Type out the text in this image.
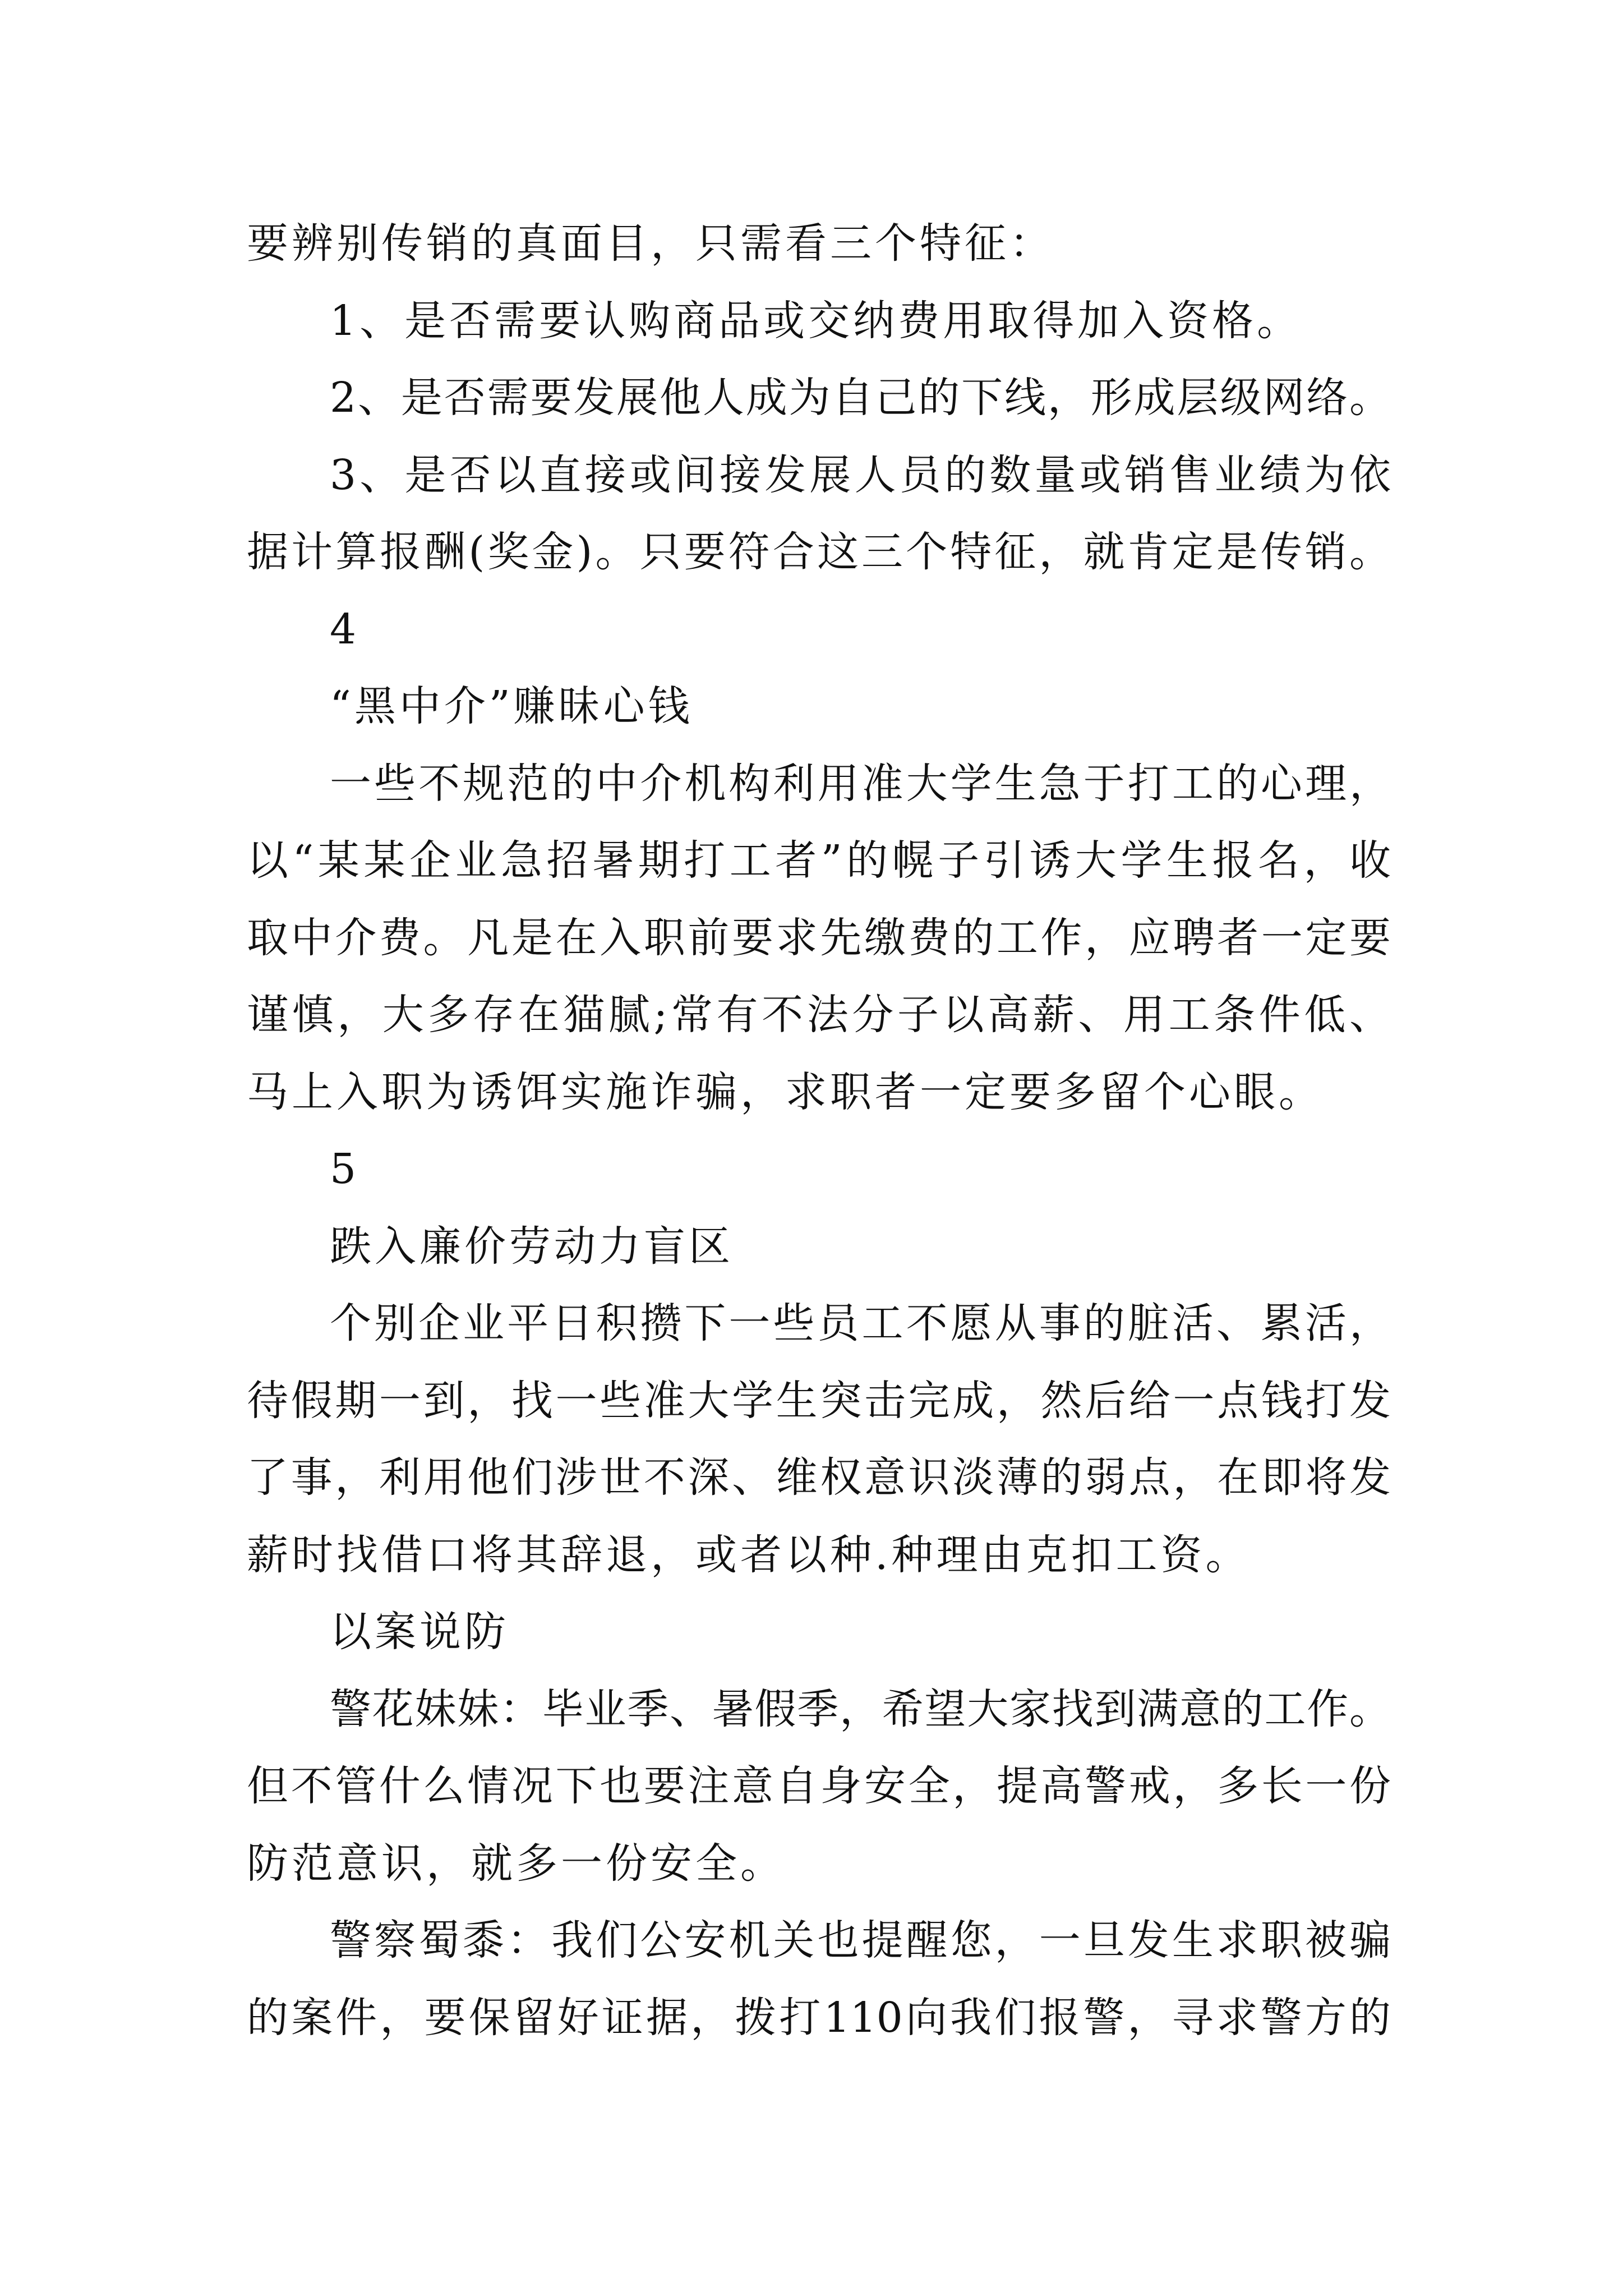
要辨别传销的真面目，只需看三个特征：
1、是否需要认购商品或交纳费用取得加入资格。
2、是否需要发展他人成为自己的下线，形成层级网络。
3、是否以直接或间接发展人员的数量或销售业绩为依
据计算报酬(奖金)。只要符合这三个特征，就肯定是传销。
4
“黑中介”赚昧心钱
一些不规范的中介机构利用准大学生急于打工的心理，
以“某某企业急招暑期打工者”的幌子引诱大学生报名，收
取中介费。凡是在入职前要求先缴费的工作，应聘者一定要
谨慎，大多存在猫腻;常有不法分子以高薪、用工条件低、
马上入职为诱饵实施诈骗，求职者一定要多留个心眼。
5
跌入廉价劳动力盲区
个别企业平日积攒下一些员工不愿从事的脏活、累活，
待假期一到，找一些准大学生突击完成，然后给一点钱打发
了事，利用他们涉世不深、维权意识淡薄的弱点，在即将发
薪时找借口将其辞退，或者以种.种理由克扣工资。
以案说防
警花妹妹：毕业季、暑假季，希望大家找到满意的工作。
但不管什么情况下也要注意自身安全，提高警戒，多长一份
防范意识，就多一份安全。
警察蜀黍：我们公安机关也提醒您，一旦发生求职被骗
的案件，要保留好证据，拨打110向我们报警，寻求警方的
